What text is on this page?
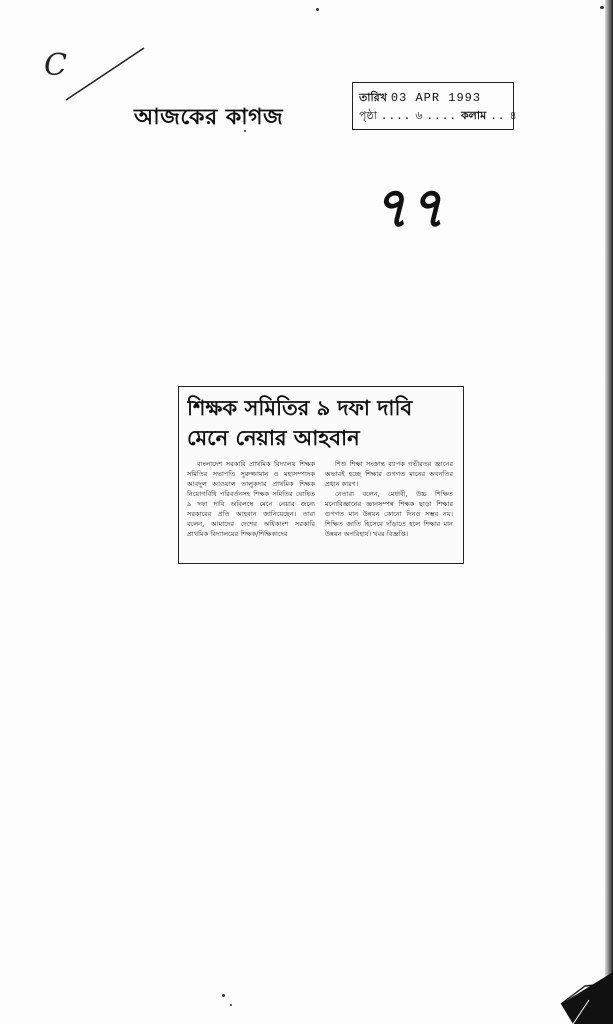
C
আজকের কাগজ
তারিখ 03 APR 1993
পৃষ্ঠা .... ৬ .... কলাম .. ৪
৭৭
শিক্ষক সমিতির ৯ দফা দাবি
মেনে নেয়ার আহবান

বাংলাদেশ সরকারি প্রাথমিক বিদ্যালয় শিক্ষক সমিতির সভাপতি সুরুজ্জামান ও মহাসম্পাদক আবদুল আওয়াল তালুকদার প্রাথমিক শিক্ষক নিয়োগবিধি পরিবর্তনসহ শিক্ষক সমিতির ঘোষিত ৯ দফা দাবি অবিলম্বে মেনে নেয়ার জন্যে সরকারের প্রতি আহবান জানিয়েছেন। তারা বলেন, আমাদের দেশের অধিকাংশ সরকারি প্রাথমিক বিদ্যালয়ের শিক্ষক/শিক্ষিকাদের

শিশু শিক্ষা সংক্রান্ত ব্যাপক গভীরতর জ্ঞানের অভাবই হচ্ছে শিক্ষার গুণগত মানের অবনতির প্রধান কারণ।

নেতারা বলেন, মেধাবী, উচ্চ শিক্ষিত মনোবিজ্ঞানের জ্ঞানসম্পন্ন শিক্ষক ছাড়া শিক্ষার গুণগত মান উন্নয়ন কোনো দিনও সম্ভব নয়। শিক্ষিত জাতি হিসেবে দাঁড়াতে হলে শিক্ষার মান উন্নয়ন অপরিহার্য। খবর বিজ্ঞপ্তি।
